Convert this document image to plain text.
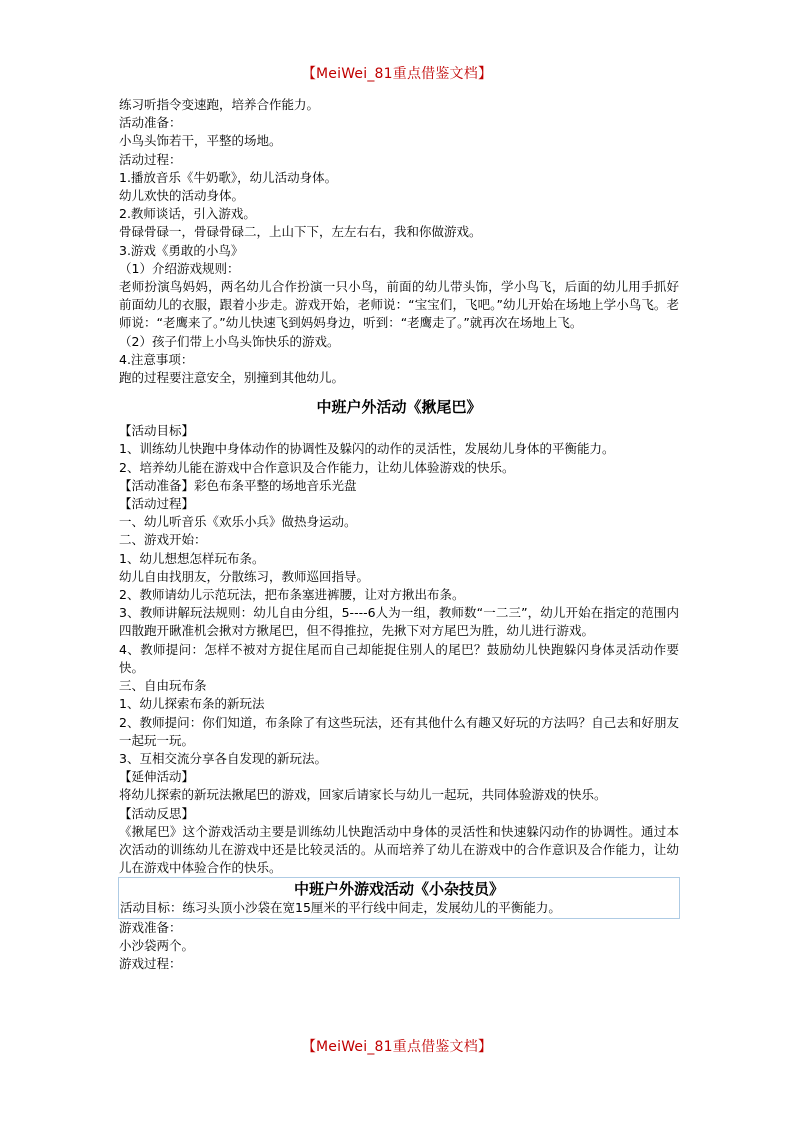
【MeiWei_81重点借鉴文档】
练习听指令变速跑，培养合作能力。
活动准备：
小鸟头饰若干，平整的场地。
活动过程：
1.播放音乐《牛奶歌》，幼儿活动身体。
幼儿欢快的活动身体。
2.教师谈话，引入游戏。
骨碌骨碌一，骨碌骨碌二，上山下下，左左右右，我和你做游戏。
3.游戏《勇敢的小鸟》
（1）介绍游戏规则：
老师扮演鸟妈妈，两名幼儿合作扮演一只小鸟，前面的幼儿带头饰，学小鸟飞，后面的幼儿用手抓好前面幼儿的衣服，跟着小步走。游戏开始，老师说：“宝宝们，飞吧。”幼儿开始在场地上学小鸟飞。老师说：“老鹰来了。”幼儿快速飞到妈妈身边，听到：“老鹰走了。”就再次在场地上飞。
（2）孩子们带上小鸟头饰快乐的游戏。
4.注意事项：
跑的过程要注意安全，别撞到其他幼儿。
中班户外活动《揪尾巴》
【活动目标】
1、训练幼儿快跑中身体动作的协调性及躲闪的动作的灵活性，发展幼儿身体的平衡能力。
2、培养幼儿能在游戏中合作意识及合作能力，让幼儿体验游戏的快乐。
【活动准备】彩色布条平整的场地音乐光盘
【活动过程】
一、幼儿听音乐《欢乐小兵》做热身运动。
二、游戏开始：
1、幼儿想想怎样玩布条。
幼儿自由找朋友，分散练习，教师巡回指导。
2、教师请幼儿示范玩法，把布条塞进裤腰，让对方揪出布条。
3、教师讲解玩法规则：幼儿自由分组，5----6人为一组，教师数“一二三”，幼儿开始在指定的范围内四散跑开瞅准机会揪对方揪尾巴，但不得推拉，先揪下对方尾巴为胜，幼儿进行游戏。
4、教师提问：怎样不被对方捉住尾而自己却能捉住别人的尾巴？鼓励幼儿快跑躲闪身体灵活动作要快。
三、自由玩布条
1、幼儿探索布条的新玩法
2、教师提问：你们知道，布条除了有这些玩法，还有其他什么有趣又好玩的方法吗？自己去和好朋友一起玩一玩。
3、互相交流分享各自发现的新玩法。
【延伸活动】
将幼儿探索的新玩法揪尾巴的游戏，回家后请家长与幼儿一起玩，共同体验游戏的快乐。
【活动反思】
《揪尾巴》这个游戏活动主要是训练幼儿快跑活动中身体的灵活性和快速躲闪动作的协调性。通过本次活动的训练幼儿在游戏中还是比较灵活的。从而培养了幼儿在游戏中的合作意识及合作能力，让幼儿在游戏中体验合作的快乐。
中班户外游戏活动《小杂技员》
活动目标：练习头顶小沙袋在宽15厘米的平行线中间走，发展幼儿的平衡能力。
游戏准备：
小沙袋两个。
游戏过程：
【MeiWei_81重点借鉴文档】
